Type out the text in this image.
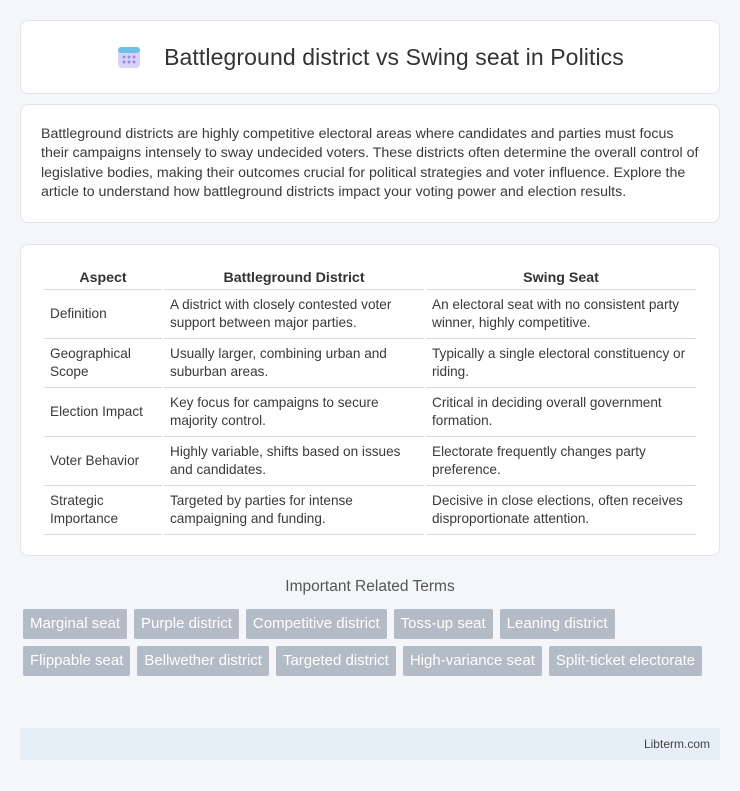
Battleground district vs Swing seat in Politics

Battleground districts are highly competitive electoral areas where candidates and parties must focus their campaigns intensely to sway undecided voters. These districts often determine the overall control of legislative bodies, making their outcomes crucial for political strategies and voter influence. Explore the article to understand how battleground districts impact your voting power and election results.

Aspect	Battleground District	Swing Seat
Definition	A district with closely contested voter support between major parties.	An electoral seat with no consistent party winner, highly competitive.
Geographical Scope	Usually larger, combining urban and suburban areas.	Typically a single electoral constituency or riding.
Election Impact	Key focus for campaigns to secure majority control.	Critical in deciding overall government formation.
Voter Behavior	Highly variable, shifts based on issues and candidates.	Electorate frequently changes party preference.
Strategic Importance	Targeted by parties for intense campaigning and funding.	Decisive in close elections, often receives disproportionate attention.
Important Related Terms
Marginal seat	Purple district	Competitive district	Toss-up seat	Leaning district
Flippable seat	Bellwether district	Targeted district	High-variance seat	Split-ticket electorate
Libterm.com
